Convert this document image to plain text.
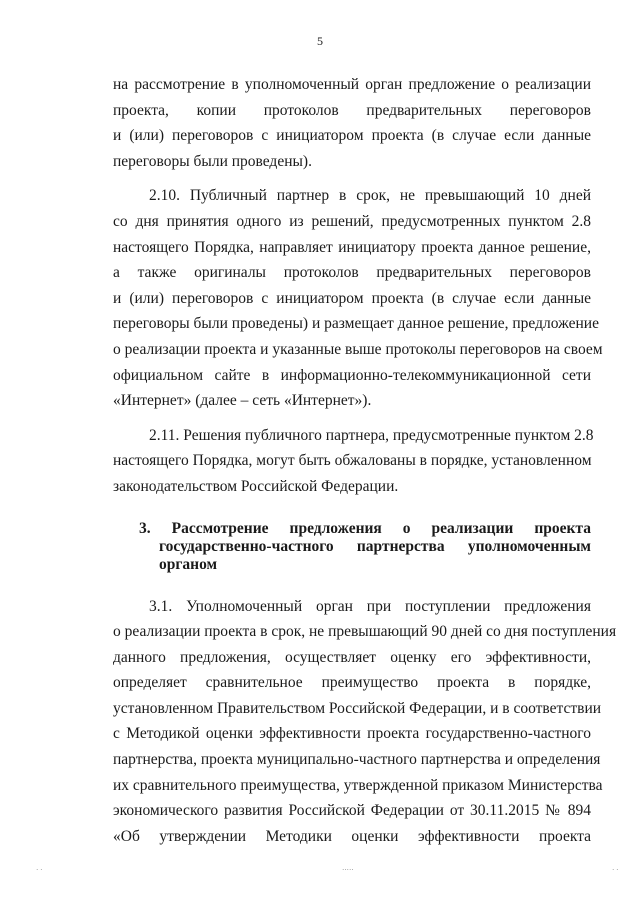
5
на рассмотрение в уполномоченный орган предложение о реализации
проекта, копии протоколов предварительных переговоров
и (или) переговоров с инициатором проекта (в случае если данные
переговоры были проведены).
2.10. Публичный партнер в срок, не превышающий 10 дней
со дня принятия одного из решений, предусмотренных пунктом 2.8
настоящего Порядка, направляет инициатору проекта данное решение,
а также оригиналы протоколов предварительных переговоров
и (или) переговоров с инициатором проекта (в случае если данные
переговоры были проведены) и размещает данное решение, предложение
о реализации проекта и указанные выше протоколы переговоров на своем
официальном сайте в информационно-телекоммуникационной сети
«Интернет» (далее – сеть «Интернет»).
2.11. Решения публичного партнера, предусмотренные пунктом 2.8
настоящего Порядка, могут быть обжалованы в порядке, установленном
законодательством Российской Федерации.
3. Рассмотрение предложения о реализации проекта
государственно-частного партнерства уполномоченным
органом
3.1. Уполномоченный орган при поступлении предложения
о реализации проекта в срок, не превышающий 90 дней со дня поступления
данного предложения, осуществляет оценку его эффективности,
определяет сравнительное преимущество проекта в порядке,
установленном Правительством Российской Федерации, и в соответствии
с Методикой оценки эффективности проекта государственно-частного
партнерства, проекта муниципально-частного партнерства и определения
их сравнительного преимущества, утвержденной приказом Министерства
экономического развития Российской Федерации от 30.11.2015 № 894
«Об утверждении Методики оценки эффективности проекта
· ·	·····	· ·
